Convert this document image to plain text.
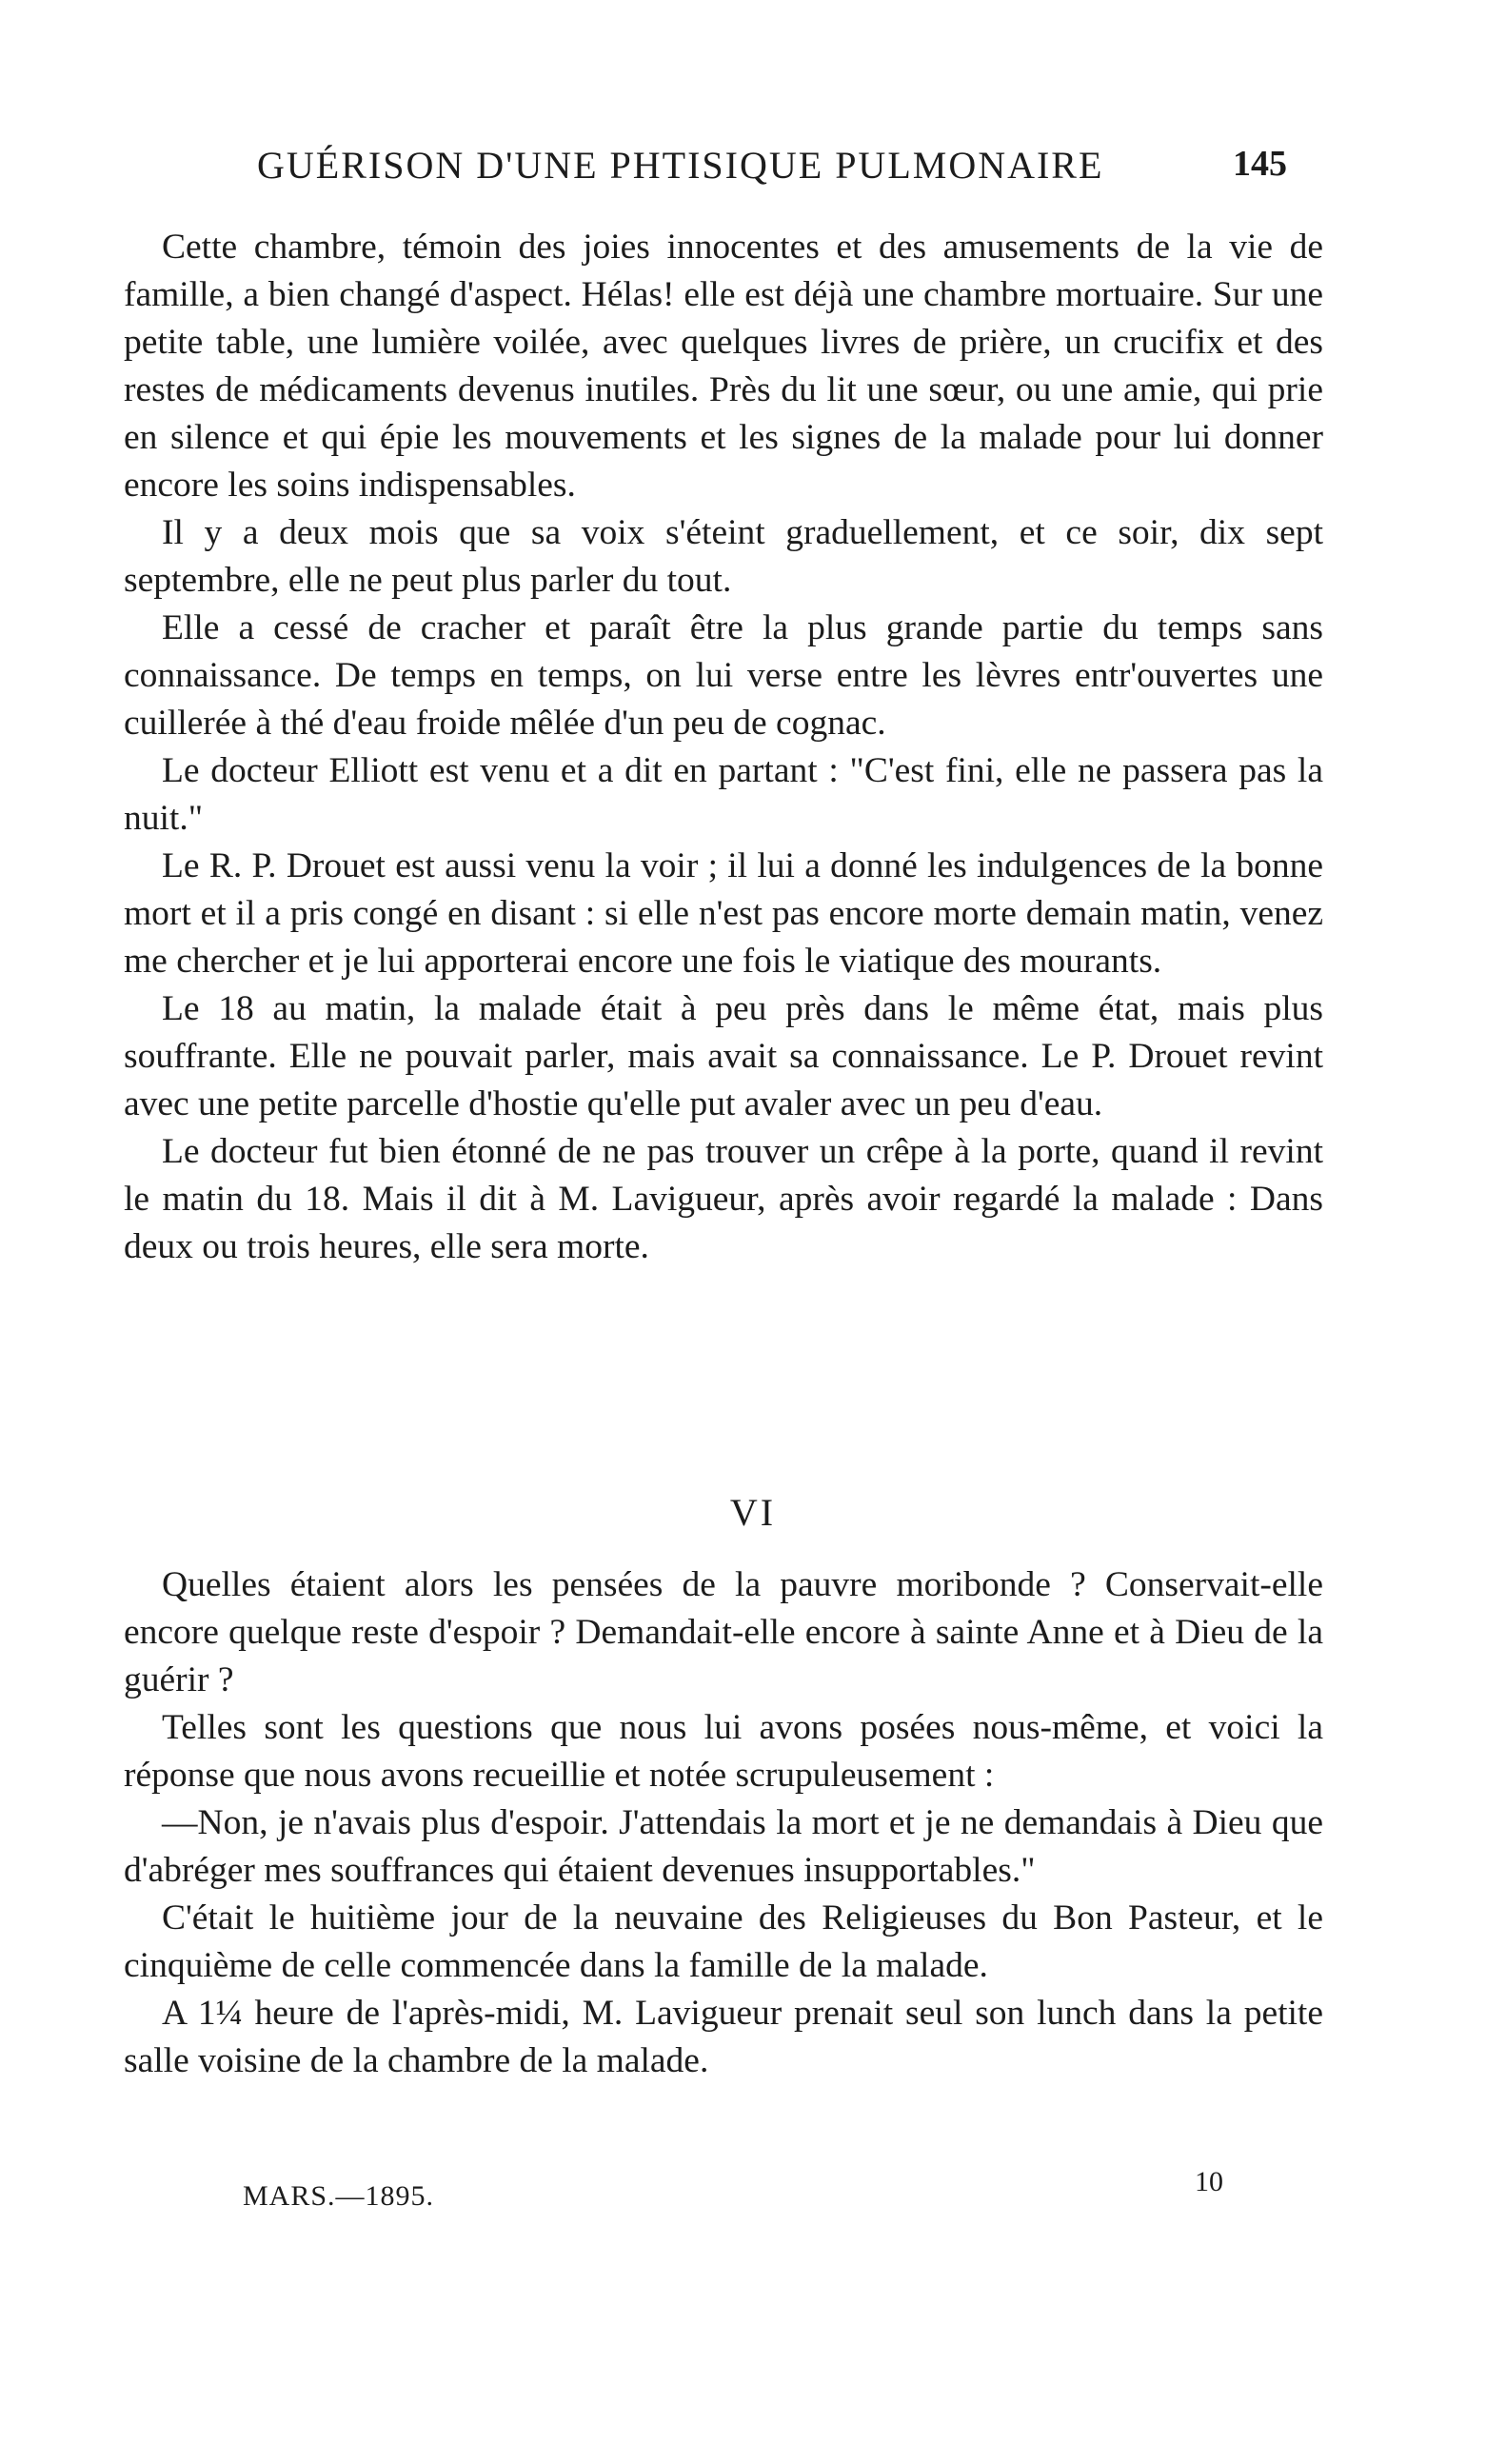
GUÉRISON D'UNE PHTISIQUE PULMONAIRE	145

Cette chambre, témoin des joies innocentes et des amusements de la vie de famille, a bien changé d'aspect. Hélas! elle est déjà une chambre mortuaire. Sur une petite table, une lumière voilée, avec quelques livres de prière, un crucifix et des restes de médicaments devenus inutiles. Près du lit une sœur, ou une amie, qui prie en silence et qui épie les mouvements et les signes de la malade pour lui donner encore les soins indispensables.

Il y a deux mois que sa voix s'éteint graduellement, et ce soir, dix sept septembre, elle ne peut plus parler du tout.

Elle a cessé de cracher et paraît être la plus grande partie du temps sans connaissance. De temps en temps, on lui verse entre les lèvres entr'ouvertes une cuillerée à thé d'eau froide mêlée d'un peu de cognac.

Le docteur Elliott est venu et a dit en partant : "C'est fini, elle ne passera pas la nuit."

Le R. P. Drouet est aussi venu la voir ; il lui a donné les indulgences de la bonne mort et il a pris congé en disant : si elle n'est pas encore morte demain matin, venez me chercher et je lui apporterai encore une fois le viatique des mourants.

Le 18 au matin, la malade était à peu près dans le même état, mais plus souffrante. Elle ne pouvait parler, mais avait sa connaissance. Le P. Drouet revint avec une petite parcelle d'hostie qu'elle put avaler avec un peu d'eau.

Le docteur fut bien étonné de ne pas trouver un crêpe à la porte, quand il revint le matin du 18. Mais il dit à M. Lavigueur, après avoir regardé la malade : Dans deux ou trois heures, elle sera morte.

VI

Quelles étaient alors les pensées de la pauvre moribonde ? Conservait-elle encore quelque reste d'espoir ? Demandait-elle encore à sainte Anne et à Dieu de la guérir ?

Telles sont les questions que nous lui avons posées nous-même, et voici la réponse que nous avons recueillie et notée scrupuleusement :

—Non, je n'avais plus d'espoir. J'attendais la mort et je ne demandais à Dieu que d'abréger mes souffrances qui étaient devenues insupportables."

C'était le huitième jour de la neuvaine des Religieuses du Bon Pasteur, et le cinquième de celle commencée dans la famille de la malade.

A 1¼ heure de l'après-midi, M. Lavigueur prenait seul son lunch dans la petite salle voisine de la chambre de la malade.

MARS.—1895.	10
